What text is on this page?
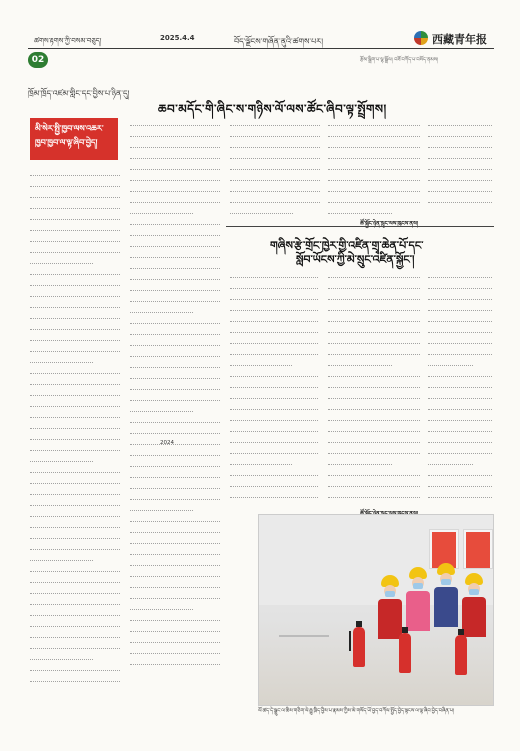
ཚགས་རྟགས་ཀྱི་བསམ་བཅུད།	2025.4.4	བོད་ལྗོངས་གཞོན་ནུའི་ཚགས་པར།	西藏青年报
02	རྩོམ་སྒྲིག་པ་ལྷ་སྒྲོལ། བཟོ་བཀོད་པ་བསོད་ནམས།
ཁྲོམ་ཁྲོད་འཛམ་གླིང་དང་བྱིས་པ་ཉིན་དུ།
ཆབ་མདོང་གི་ཞིང་ས་གཉིས་ལོ་ལས་ཚོང་ཞིབ་ལྟ་སྤྲོགས།
མི་སེར་སྤྱི་ཁྱབ་ལས་འཆར་
ཁྱབ་ཁྱབ་ལ་ལྟ་ཞིབ་བྱེད།
2024
ཚོ་སྐྱོང་ཉེན་སྲུང་ལས་ཁུངས་ནས།
གཞིས་རྩེ་གྲོང་ཁྱེར་གྱི་འཛིན་གྲྭ་ཆེན་པོ་དང་
སློབ་ཡོངས་ཀྱི་མེ་སྲུང་འཛིན་སྐྱོང་།
ལོ་ཚད་དེ་སྒྲུང་ལ་ཆིས་གཅིག་ལེ་རྒྱུ་ཁྲིད་བྱིས་པ་རྣམས་ཀྱིས་མེ་གསོད་ཡོ་བྱད་བཀོལ་སྤྱོད་བྱེད་སྟངས་ལ་ལྟ་ཞིབ་བྱེད་བཞིན་པ།
